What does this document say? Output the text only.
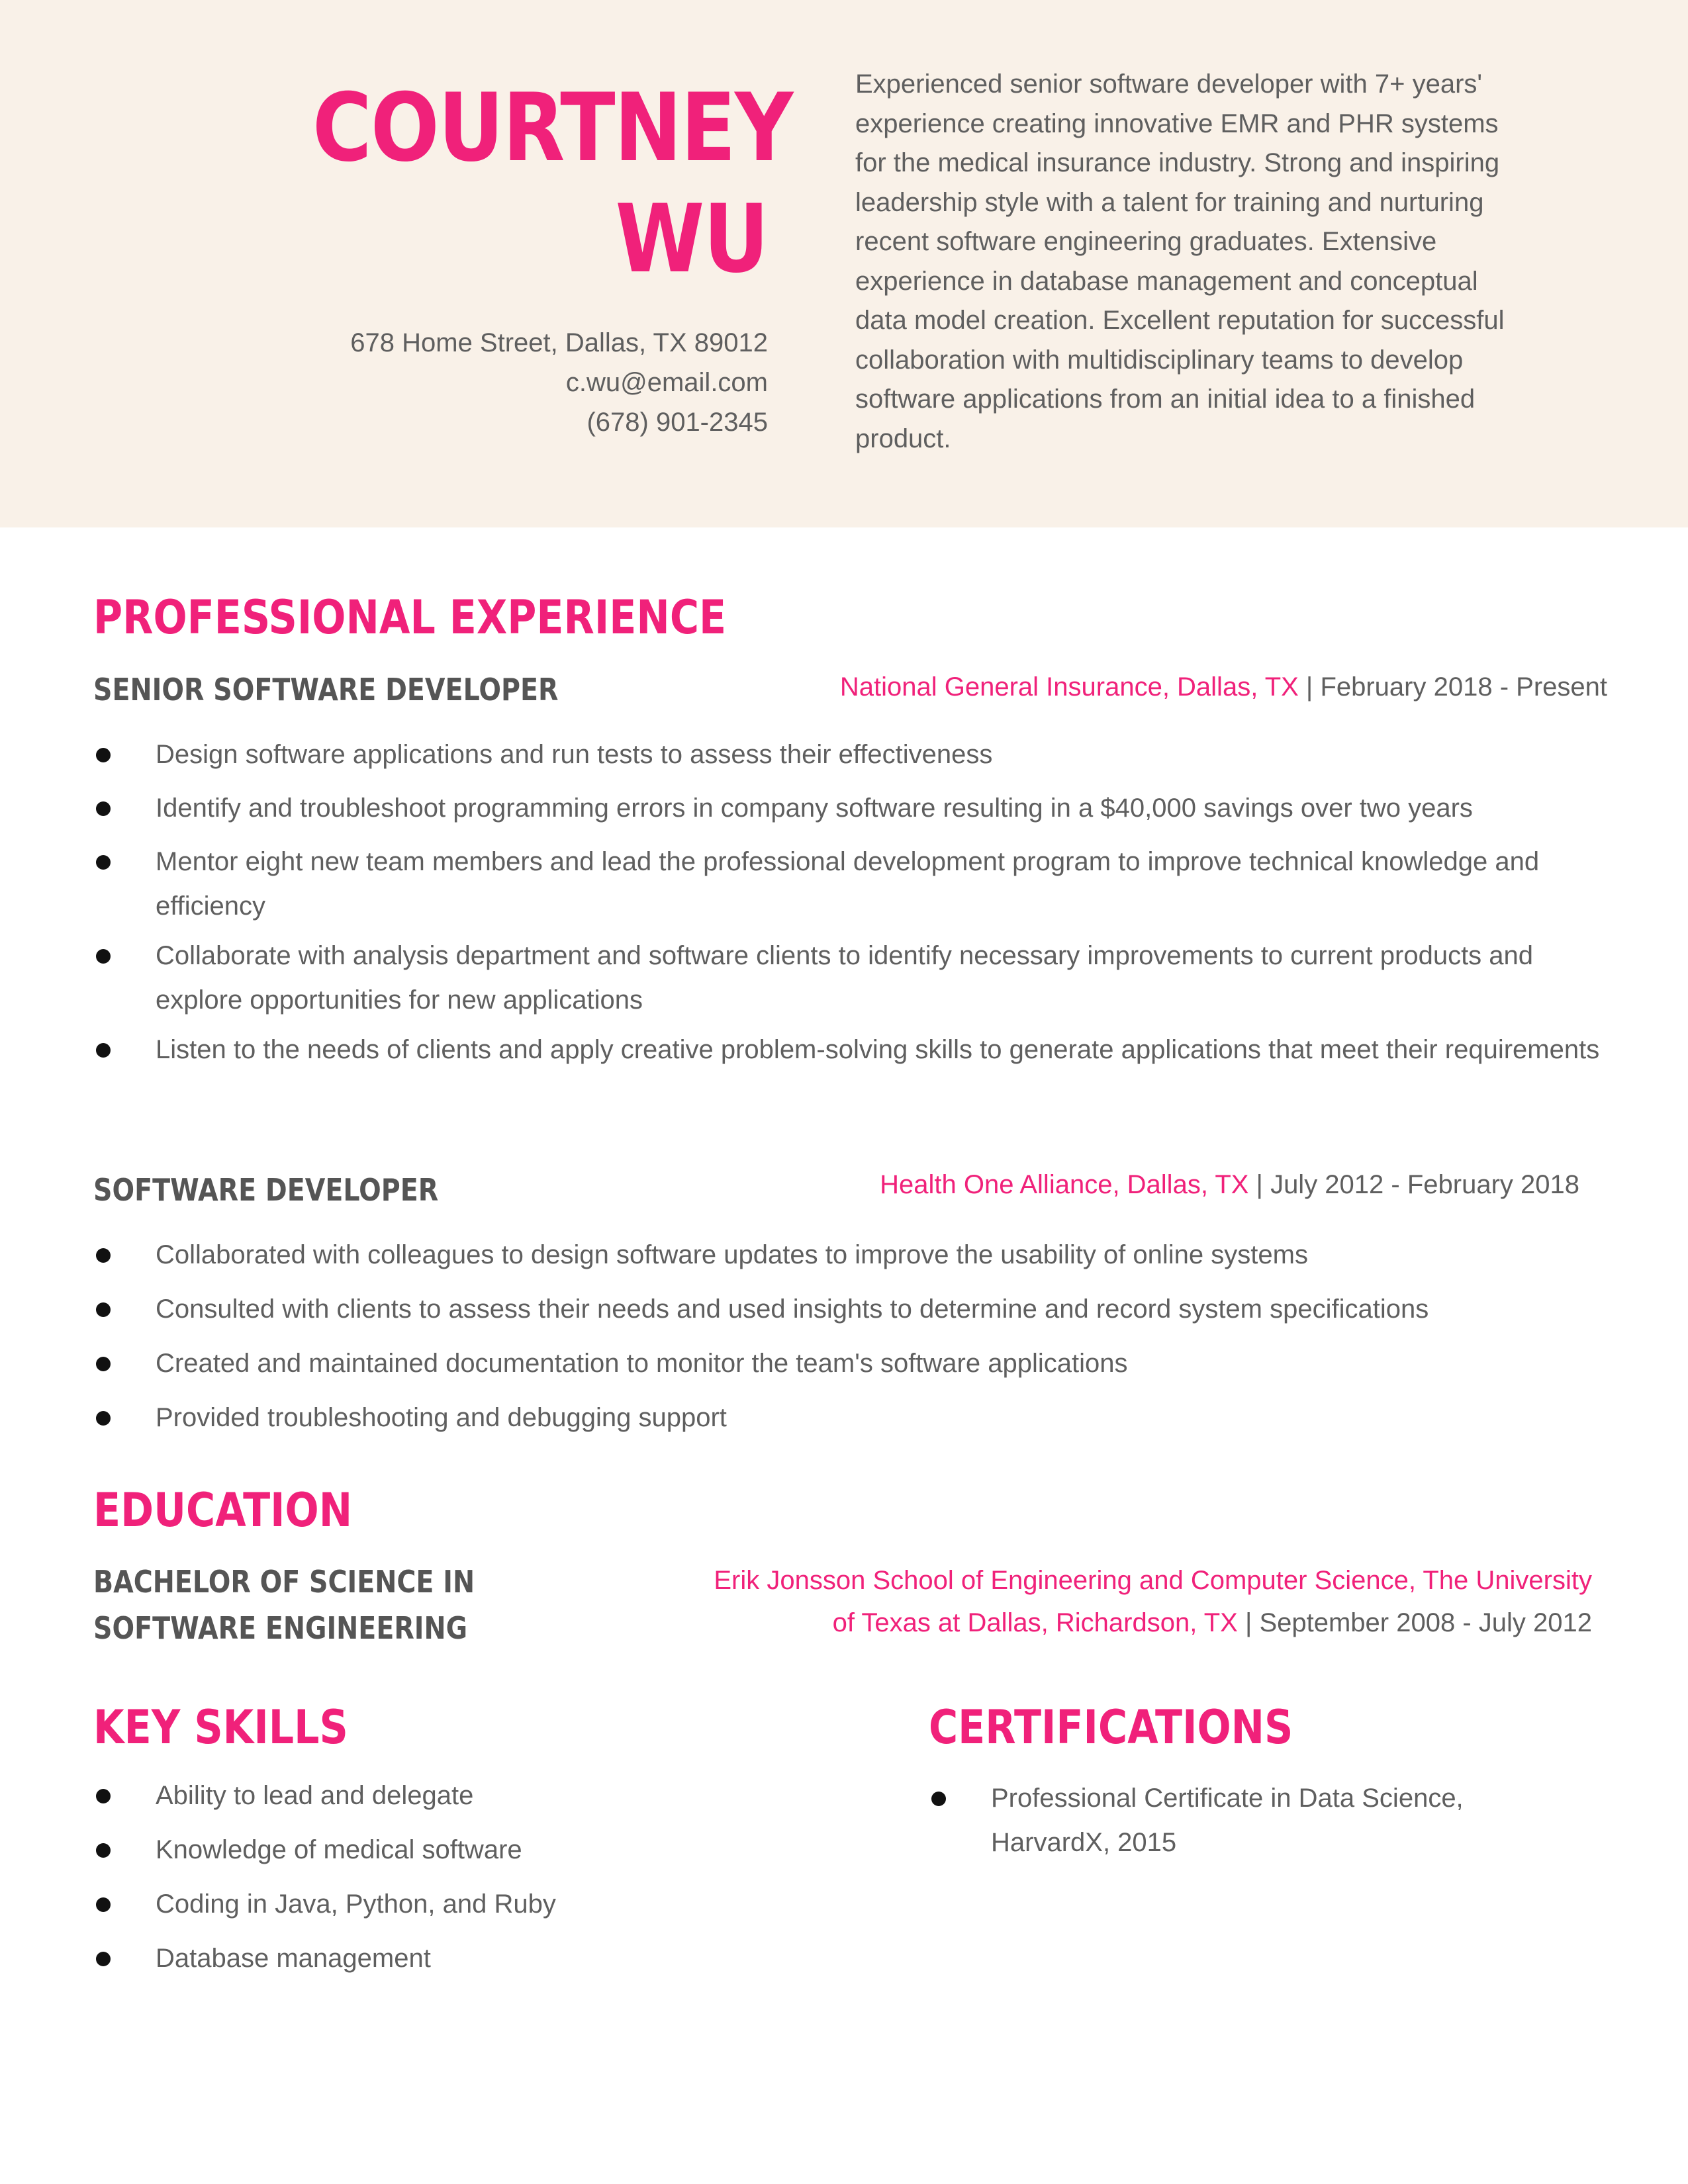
COURTNEY
WU
678 Home Street, Dallas, TX 89012
c.wu@email.com
(678) 901-2345
Experienced senior software developer with 7+ years' experience creating innovative EMR and PHR systems for the medical insurance industry. Strong and inspiring leadership style with a talent for training and nurturing recent software engineering graduates. Extensive experience in database management and conceptual data model creation. Excellent reputation for successful collaboration with multidisciplinary teams to develop software applications from an initial idea to a finished product.
PROFESSIONAL EXPERIENCE
SENIOR SOFTWARE DEVELOPER	National General Insurance, Dallas, TX | February 2018 - Present
Design software applications and run tests to assess their effectiveness
Identify and troubleshoot programming errors in company software resulting in a $40,000 savings over two years
Mentor eight new team members and lead the professional development program to improve technical knowledge and efficiency
Collaborate with analysis department and software clients to identify necessary improvements to current products and explore opportunities for new applications
Listen to the needs of clients and apply creative problem-solving skills to generate applications that meet their requirements
SOFTWARE DEVELOPER	Health One Alliance, Dallas, TX | July 2012 - February 2018
Collaborated with colleagues to design software updates to improve the usability of online systems
Consulted with clients to assess their needs and used insights to determine and record system specifications
Created and maintained documentation to monitor the team's software applications
Provided troubleshooting and debugging support
EDUCATION
BACHELOR OF SCIENCE IN
SOFTWARE ENGINEERING
Erik Jonsson School of Engineering and Computer Science, The University
of Texas at Dallas, Richardson, TX | September 2008 - July 2012
KEY SKILLS
Ability to lead and delegate
Knowledge of medical software
Coding in Java, Python, and Ruby
Database management
CERTIFICATIONS
Professional Certificate in Data Science, HarvardX, 2015
